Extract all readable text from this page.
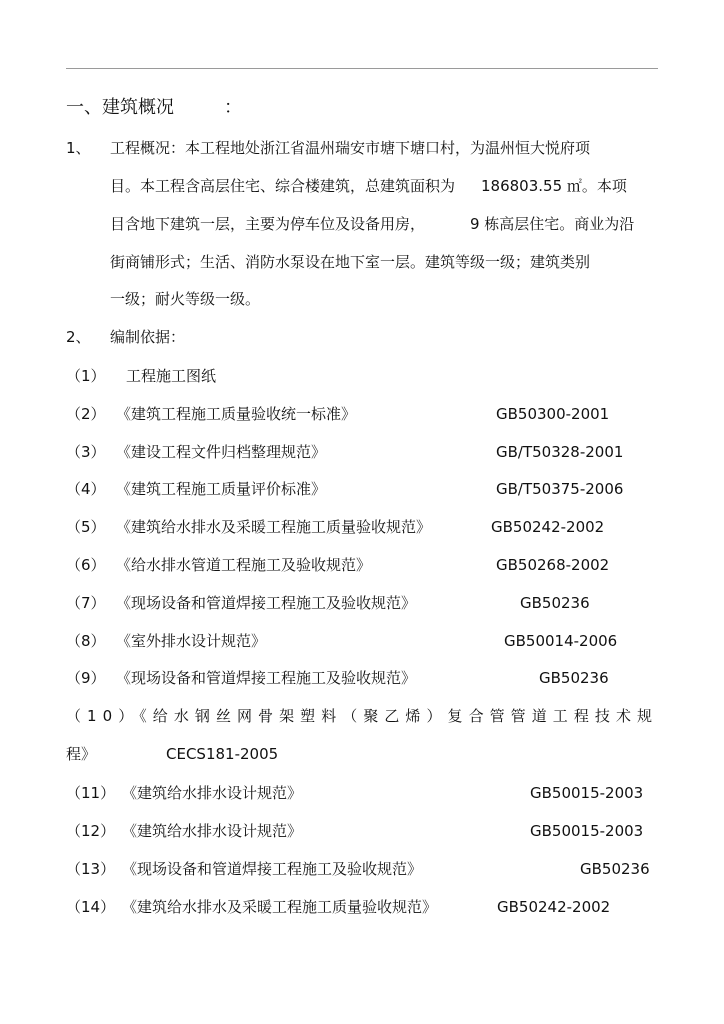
一、建筑概况	：
1、 工程概况：本工程地处浙江省温州瑞安市塘下塘口村，为温州恒大悦府项
目。本工程含高层住宅、综合楼建筑，总建筑面积为 186803.55 ㎡。本项
目含地下建筑一层，主要为停车位及设备用房，	9 栋高层住宅。商业为沿
街商铺形式；生活、消防水泵设在地下室一层。建筑等级一级；建筑类别
一级；耐火等级一级。
2、 编制依据：
（1） 工程施工图纸
（2） 《建筑工程施工质量验收统一标准》	GB50300-2001
（3） 《建设工程文件归档整理规范》	GB/T50328-2001
（4） 《建筑工程施工质量评价标准》	GB/T50375-2006
（5） 《建筑给水排水及采暖工程施工质量验收规范》	GB50242-2002
（6） 《给水排水管道工程施工及验收规范》	GB50268-2002
（7） 《现场设备和管道焊接工程施工及验收规范》	GB50236
（8） 《室外排水设计规范》	GB50014-2006
（9） 《现场设备和管道焊接工程施工及验收规范》	GB50236
（10）《给水钢丝网骨架塑料（聚乙烯）复合管管道工程技术规
程》	CECS181-2005
（11） 《建筑给水排水设计规范》	GB50015-2003
（12） 《建筑给水排水设计规范》	GB50015-2003
（13） 《现场设备和管道焊接工程施工及验收规范》	GB50236
（14） 《建筑给水排水及采暖工程施工质量验收规范》	GB50242-2002
